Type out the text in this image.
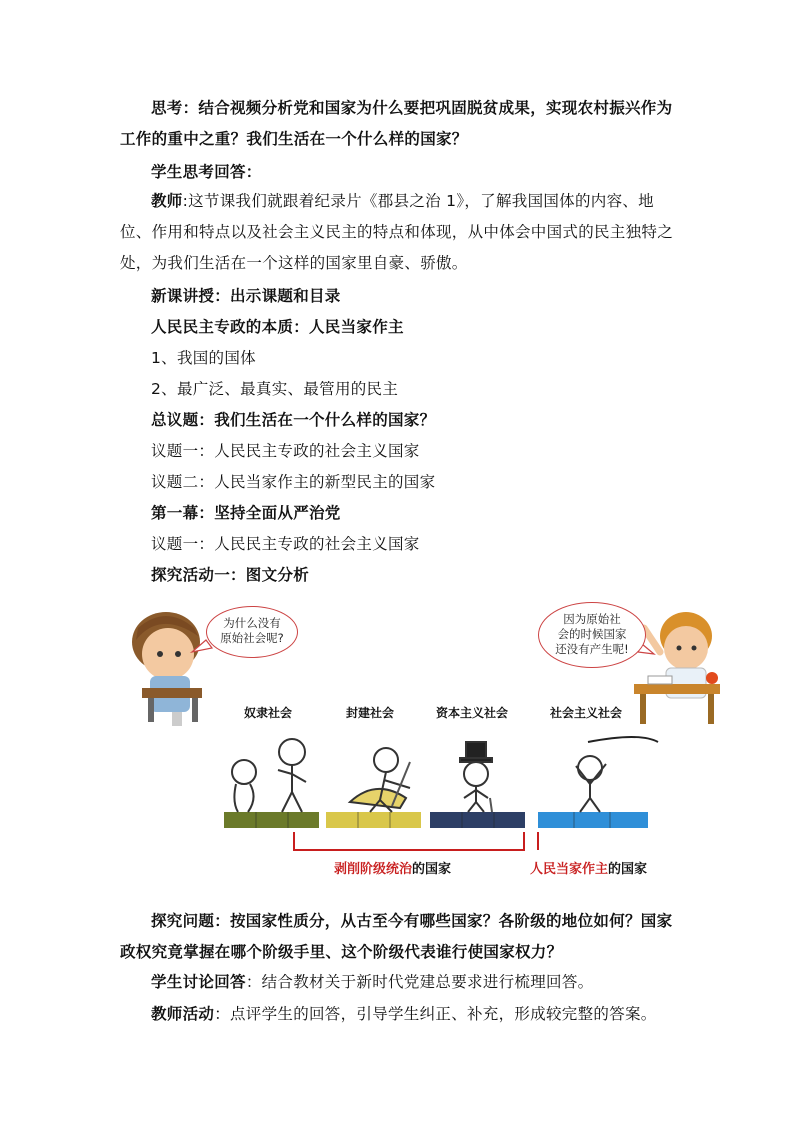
思考：结合视频分析党和国家为什么要把巩固脱贫成果，实现农村振兴作为工作的重中之重？我们生活在一个什么样的国家？
学生思考回答：
教师:这节课我们就跟着纪录片《郡县之治 1》，了解我国国体的内容、地位、作用和特点以及社会主义民主的特点和体现，从中体会中国式的民主独特之处，为我们生活在一个这样的国家里自豪、骄傲。
新课讲授：出示课题和目录
人民民主专政的本质：人民当家作主
1、我国的国体
2、最广泛、最真实、最管用的民主
总议题：我们生活在一个什么样的国家？
议题一：人民民主专政的社会主义国家
议题二：人民当家作主的新型民主的国家
第一幕：坚持全面从严治党
议题一：人民民主专政的社会主义国家
探究活动一：图文分析
为什么没有
原始社会呢?
因为原始社
会的时候国家
还没有产生呢!
奴隶社会	封建社会	资本主义社会	社会主义社会
剥削阶级统治的国家	人民当家作主的国家
探究问题：按国家性质分，从古至今有哪些国家？各阶级的地位如何？国家政权究竟掌握在哪个阶级手里、这个阶级代表谁行使国家权力？
学生讨论回答：结合教材关于新时代党建总要求进行梳理回答。
教师活动：点评学生的回答，引导学生纠正、补充，形成较完整的答案。
